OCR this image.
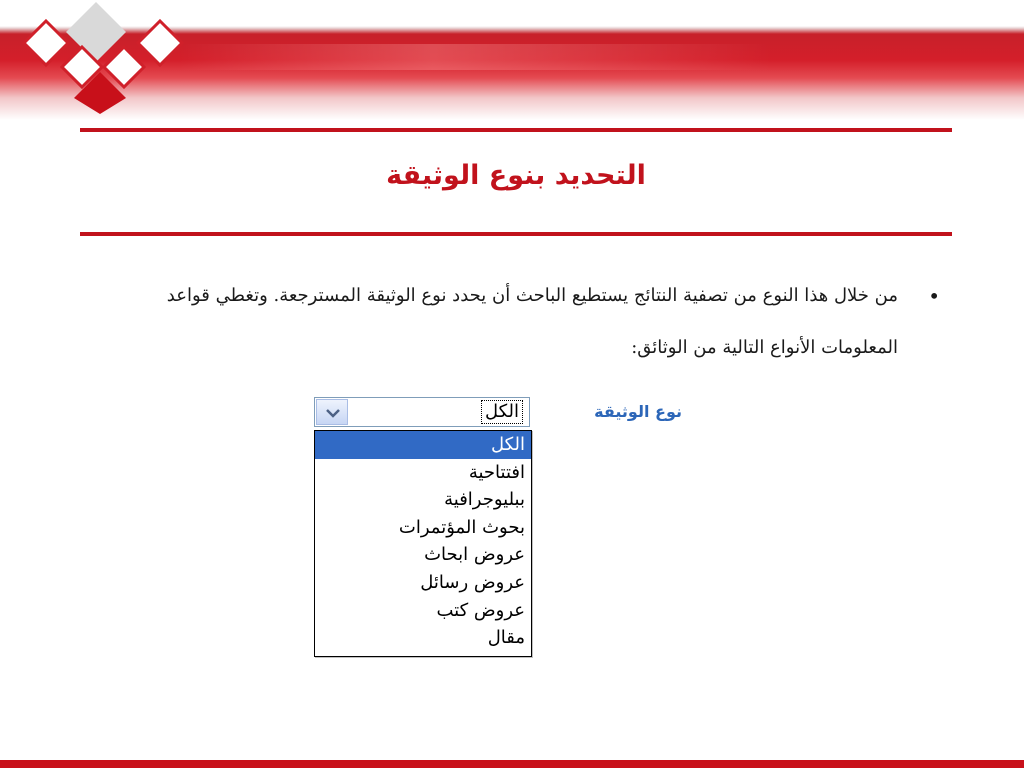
التحديد بنوع الوثيقة
•
من خلال هذا النوع من تصفية النتائج يستطيع الباحث أن يحدد نوع الوثيقة المسترجعة. وتغطي قواعد المعلومات الأنواع التالية من الوثائق:
نوع الوثيقة
الكل
الكل
افتتاحية
ببليوجرافية
بحوث المؤتمرات
عروض ابحاث
عروض رسائل
عروض كتب
مقال
